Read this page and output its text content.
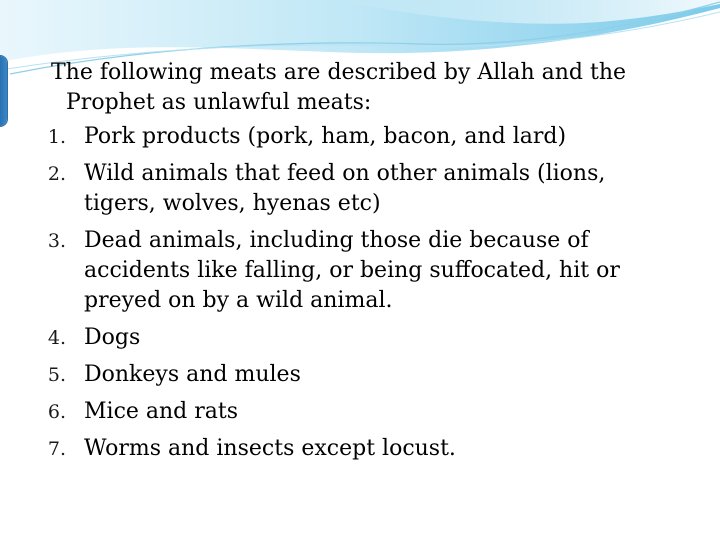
The following meats are described by Allah and the Prophet as unlawful meats:
1. Pork products (pork, ham, bacon, and lard)
2. Wild animals that feed on other animals (lions, tigers, wolves, hyenas etc)
3. Dead animals, including those die because of accidents like falling, or being suffocated, hit or preyed on by a wild animal.
4. Dogs
5. Donkeys and mules
6. Mice and rats
7. Worms and insects except locust.
